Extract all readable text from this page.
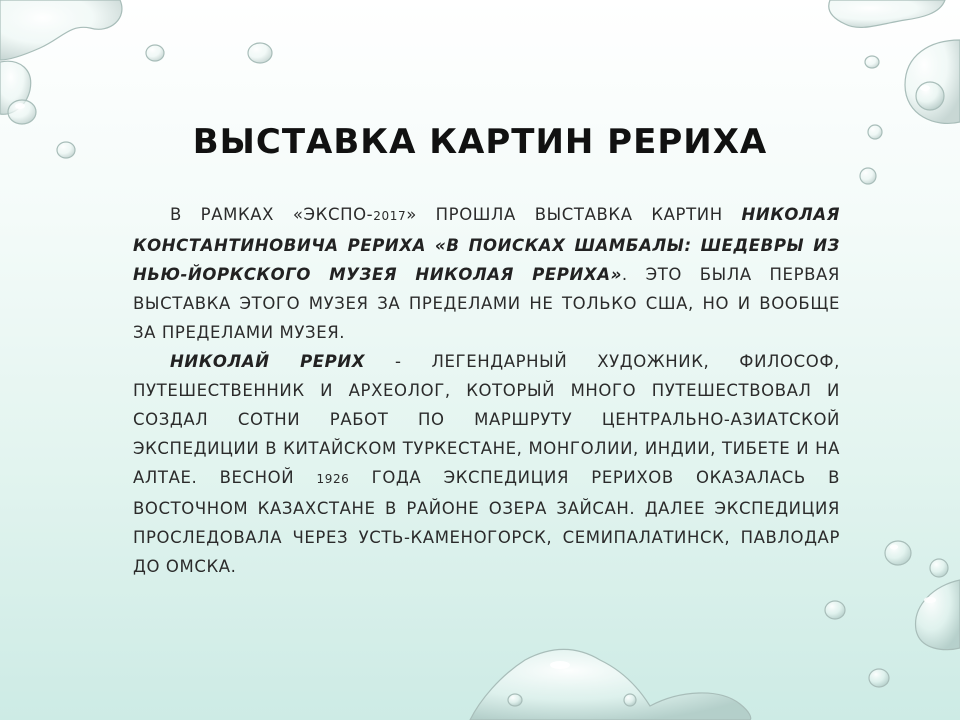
ВЫСТАВКА КАРТИН РЕРИХА

В РАМКАХ «ЭКСПО-2017» ПРОШЛА ВЫСТАВКА КАРТИН НИКОЛАЯ КОНСТАНТИНОВИЧА РЕРИХА «В ПОИСКАХ ШАМБАЛЫ: ШЕДЕВРЫ ИЗ НЬЮ-ЙОРКСКОГО МУЗЕЯ НИКОЛАЯ РЕРИХА». ЭТО БЫЛА ПЕРВАЯ ВЫСТАВКА ЭТОГО МУЗЕЯ ЗА ПРЕДЕЛАМИ НЕ ТОЛЬКО США, НО И ВООБЩЕ ЗА ПРЕДЕЛАМИ МУЗЕЯ.

НИКОЛАЙ РЕРИХ - ЛЕГЕНДАРНЫЙ ХУДОЖНИК, ФИЛОСОФ, ПУТЕШЕСТВЕННИК И АРХЕОЛОГ, КОТОРЫЙ МНОГО ПУТЕШЕСТВОВАЛ И СОЗДАЛ СОТНИ РАБОТ ПО МАРШРУТУ ЦЕНТРАЛЬНО-АЗИАТСКОЙ ЭКСПЕДИЦИИ В КИТАЙСКОМ ТУРКЕСТАНЕ, МОНГОЛИИ, ИНДИИ, ТИБЕТЕ И НА АЛТАЕ. ВЕСНОЙ 1926 ГОДА ЭКСПЕДИЦИЯ РЕРИХОВ ОКАЗАЛАСЬ В ВОСТОЧНОМ КАЗАХСТАНЕ В РАЙОНЕ ОЗЕРА ЗАЙСАН. ДАЛЕЕ ЭКСПЕДИЦИЯ ПРОСЛЕДОВАЛА ЧЕРЕЗ УСТЬ-КАМЕНОГОРСК, СЕМИПАЛАТИНСК, ПАВЛОДАР ДО ОМСКА.
